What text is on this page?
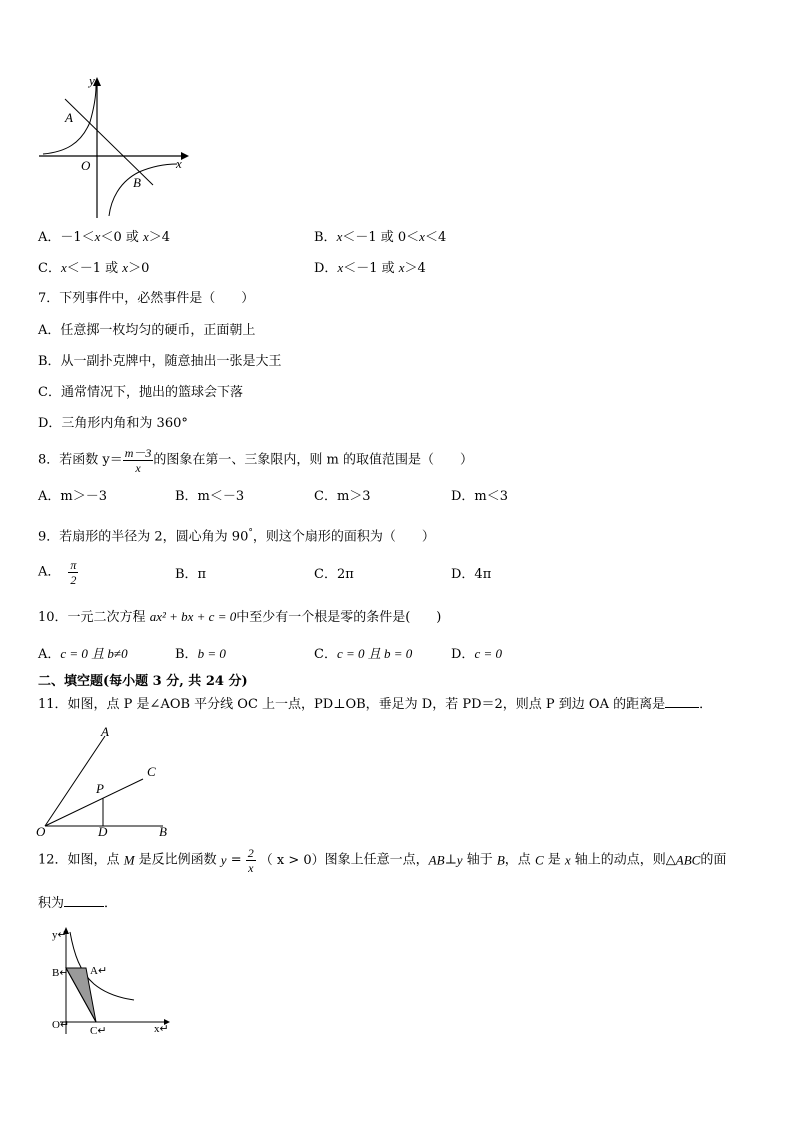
y
x
O
A
B
A．－1＜x＜0 或 x＞4	B．x＜－1 或 0＜x＜4
C．x＜－1 或 x＞0	D．x＜－1 或 x＞4
7．下列事件中，必然事件是（　　）
A．任意掷一枚均匀的硬币，正面朝上
B．从一副扑克牌中，随意抽出一张是大王
C．通常情况下，抛出的篮球会下落
D．三角形内角和为 360°
8．若函数 $y= \frac{m-3}{x}$ 的图象在第一、三象限内，则 m 的取值范围是（　　）
A．m＞－3	B．m＜－3	C．m＞3	D．m＜3
9．若扇形的半径为 2，圆心角为 90°，则这个扇形的面积为（　　）
A． $\frac{\pi}{2}$	B．π	C．2π	D．4π
10．一元二次方程 ax² + bx + c = 0中至少有一个根是零的条件是(　　)
A．c = 0 且 b≠0	B．b = 0	C．c = 0 且 b = 0	D．c = 0
二、填空题(每小题 3 分, 共 24 分)
11．如图，点 P 是∠AOB 平分线 OC 上一点，PD⊥OB，垂足为 D，若 PD＝2，则点 P 到边 OA 的距离是	．
A
C
P
O	D	B
12．如图，点 M 是反比例函数 $y = \frac{2}{x}$ （ x > 0）图象上任意一点，AB⊥y 轴于 B，点 C 是 x 轴上的动点，则△ABC的面
积为	．
y↵
B↵ A↵
O↵ C↵	x↵
